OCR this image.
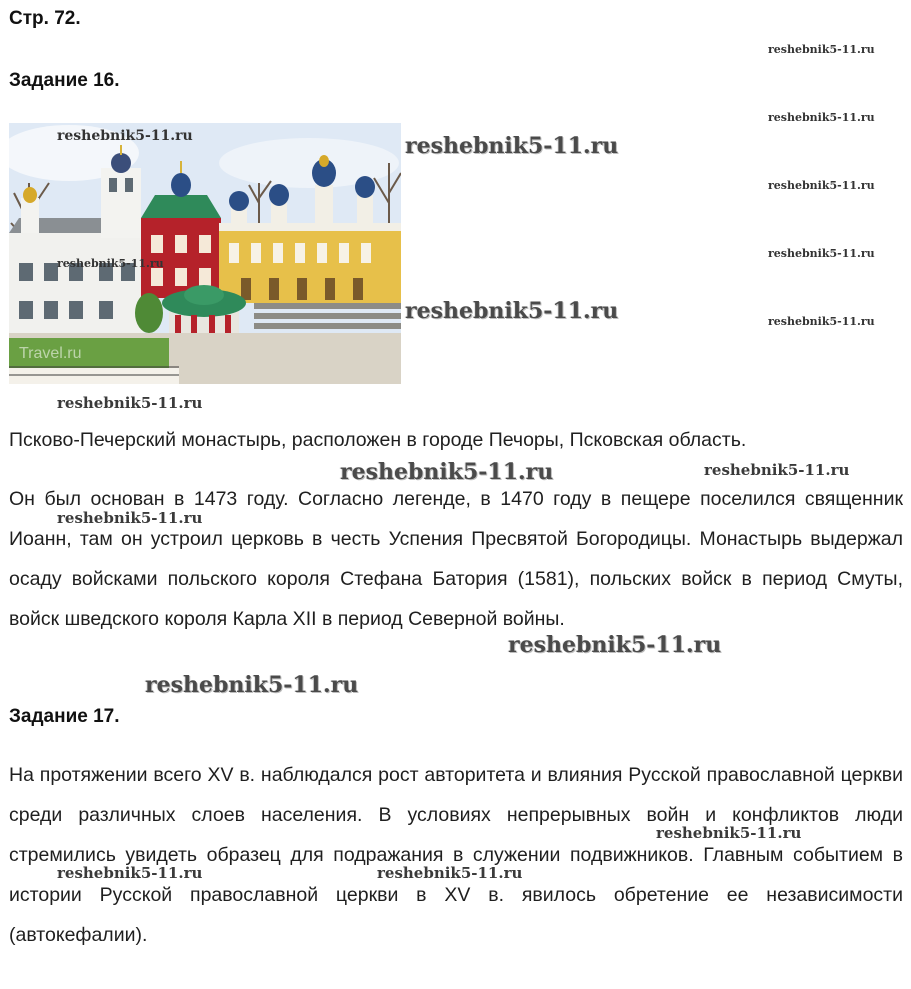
Стр. 72.
Задание 16.
Travel.ru
reshebnik5-11.ru
reshebnik5-11.ru
reshebnik5-11.ru
reshebnik5-11.ru
reshebnik5-11.ru
reshebnik5-11.ru
reshebnik5-11.ru
reshebnik5-11.ru
reshebnik5-11.ru
reshebnik5-11.ru

Псково-Печерский монастырь, расположен в городе Печоры, Псковская область.

Он был основан в 1473 году. Согласно легенде, в 1470 году в пещере поселился священник Иоанн, там он устроил церковь в честь Успения Пресвятой Богородицы. Монастырь выдержал осаду войсками польского короля Стефана Батория (1581), польских войск в период Смуты, войск шведского короля Карла XII в период Северной войны.

reshebnik5-11.ru	reshebnik5-11.ru
reshebnik5-11.ru
reshebnik5-11.ru
reshebnik5-11.ru
Задание 17.

На протяжении всего XV в. наблюдался рост авторитета и влияния Русской православной церкви среди различных слоев населения. В условиях непрерывных войн и конфликтов люди стремились увидеть образец для подражания в служении подвижников. Главным событием в истории Русской православной церкви в XV в. явилось обретение ее независимости (автокефалии).

reshebnik5-11.ru
reshebnik5-11.ru	reshebnik5-11.ru
